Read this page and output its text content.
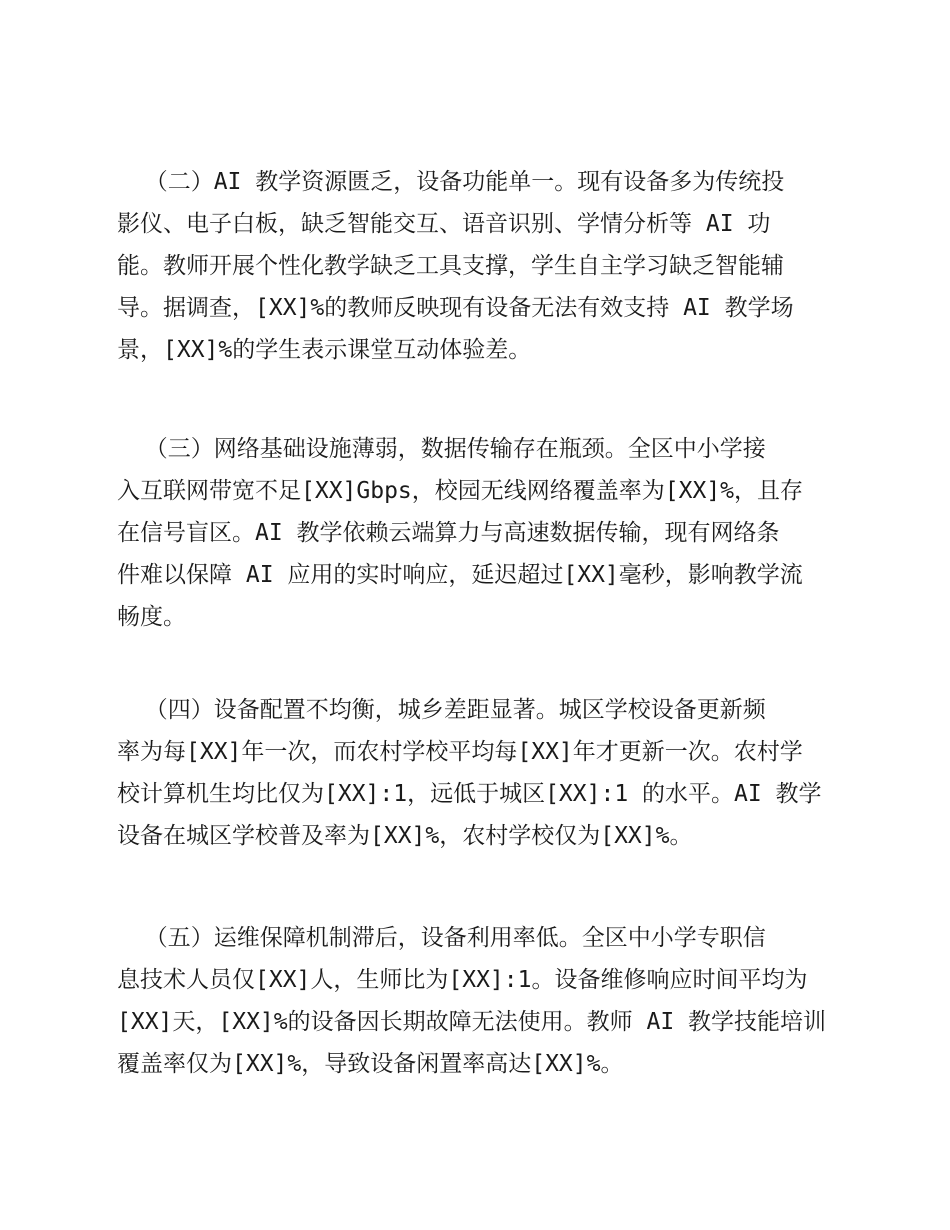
（二）AI 教学资源匮乏，设备功能单一。现有设备多为传统投
影仪、电子白板，缺乏智能交互、语音识别、学情分析等 AI 功
能。教师开展个性化教学缺乏工具支撑，学生自主学习缺乏智能辅
导。据调查，[XX]%的教师反映现有设备无法有效支持 AI 教学场
景，[XX]%的学生表示课堂互动体验差。

（三）网络基础设施薄弱，数据传输存在瓶颈。全区中小学接
入互联网带宽不足[XX]Gbps，校园无线网络覆盖率为[XX]%，且存
在信号盲区。AI 教学依赖云端算力与高速数据传输，现有网络条
件难以保障 AI 应用的实时响应，延迟超过[XX]毫秒，影响教学流
畅度。

（四）设备配置不均衡，城乡差距显著。城区学校设备更新频
率为每[XX]年一次，而农村学校平均每[XX]年才更新一次。农村学
校计算机生均比仅为[XX]:1，远低于城区[XX]:1 的水平。AI 教学
设备在城区学校普及率为[XX]%，农村学校仅为[XX]%。

（五）运维保障机制滞后，设备利用率低。全区中小学专职信
息技术人员仅[XX]人，生师比为[XX]:1。设备维修响应时间平均为
[XX]天，[XX]%的设备因长期故障无法使用。教师 AI 教学技能培训
覆盖率仅为[XX]%，导致设备闲置率高达[XX]%。
